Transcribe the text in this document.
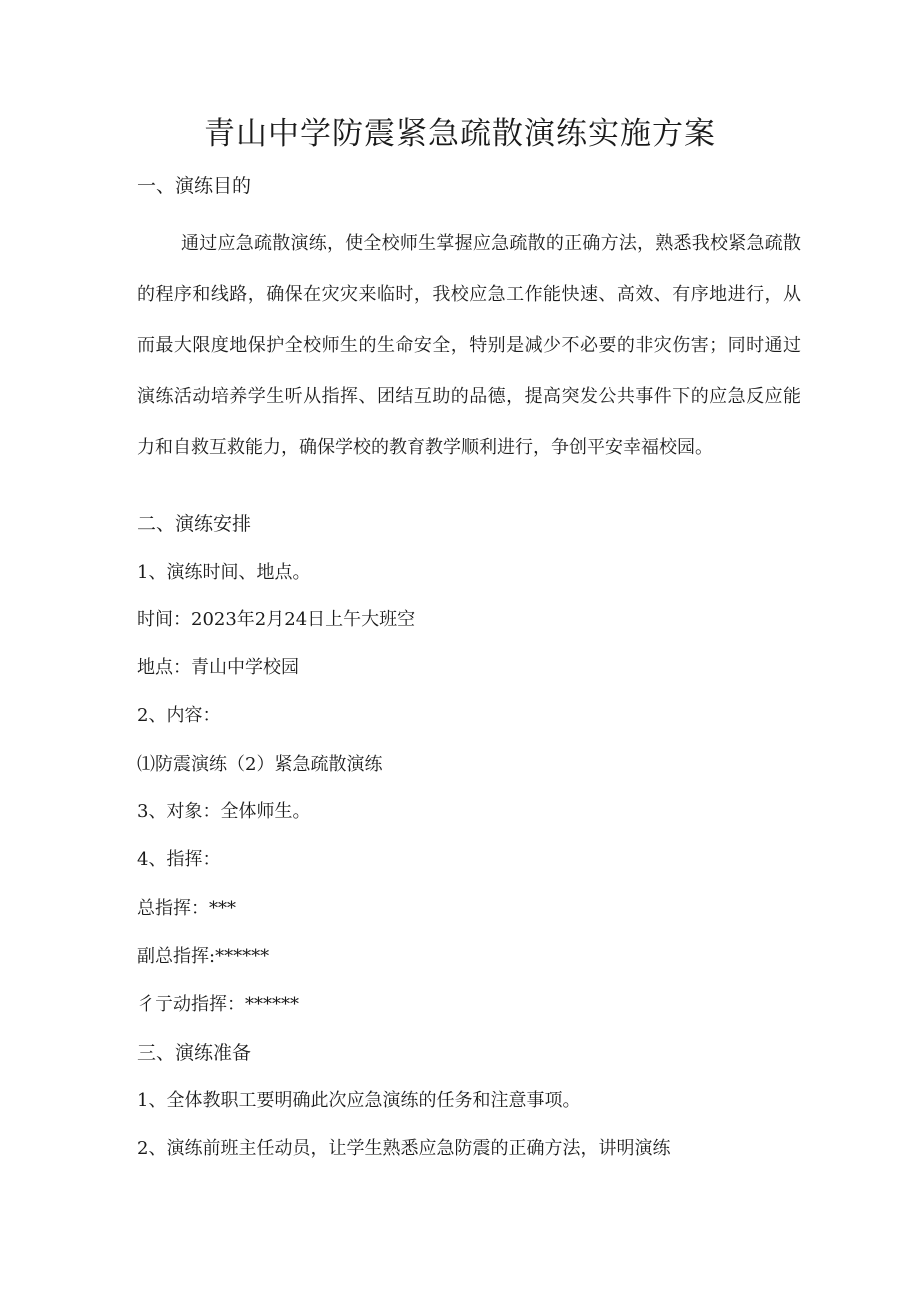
青山中学防震紧急疏散演练实施方案
一、演练目的

通过应急疏散演练，使全校师生掌握应急疏散的正确方法，熟悉我校紧急疏散的程序和线路，确保在灾灾来临时，我校应急工作能快速、高效、有序地进行，从而最大限度地保护全校师生的生命安全，特别是减少不必要的非灾伤害；同时通过演练活动培养学生听从指挥、团结互助的品德，提高突发公共事件下的应急反应能力和自救互救能力，确保学校的教育教学顺利进行，争创平安幸福校园。

二、演练安排
1、演练时间、地点。
时间：2023年2月24日上午大班空
地点：青山中学校园
2、内容：
⑴防震演练（2）紧急疏散演练
3、对象：全体师生。
4、指挥：
总指挥：***
副总指挥:******
彳亍动指挥：******
三、演练准备
1、全体教职工要明确此次应急演练的任务和注意事项。
2、演练前班主任动员，让学生熟悉应急防震的正确方法，讲明演练
